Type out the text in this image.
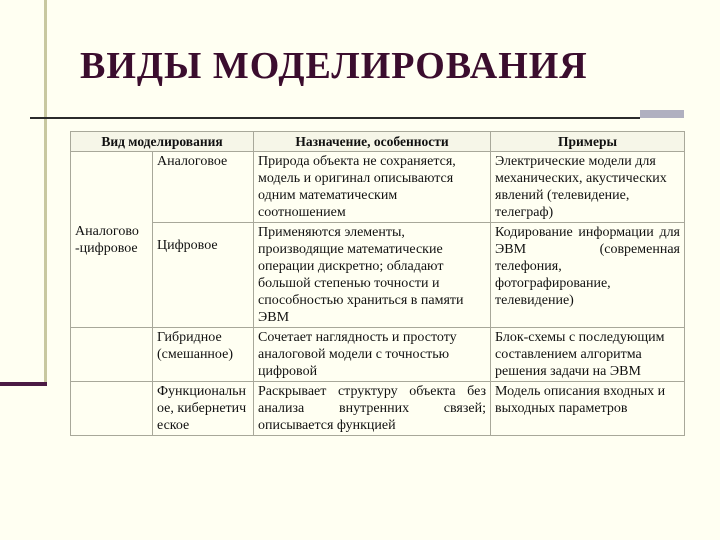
ВИДЫ МОДЕЛИРОВАНИЯ
Вид моделирования		Назначение, особенности	Примеры
Аналогово -цифровое	Аналоговое	Природа объекта не сохраняется, модель и оригинал описываются одним математическим соотношением	Электрические модели для механических, акустических явлений (телевидение, телеграф)
	Цифровое	Применяются элементы, производящие математические операции дискретно; обладают большой степенью точности и способностью храниться в памяти ЭВМ	Кодирование информации для ЭВМ (современная телефония, фотографирование, телевидение)
	Гибридное (смешанное)	Сочетает наглядность и простоту аналоговой модели с точностью цифровой	Блок-схемы с последующим составлением алгоритма решения задачи на ЭВМ
	Функциональное, кибернетическое	Раскрывает структуру объекта без анализа внутренних связей; описывается функцией	Модель описания входных и выходных параметров
